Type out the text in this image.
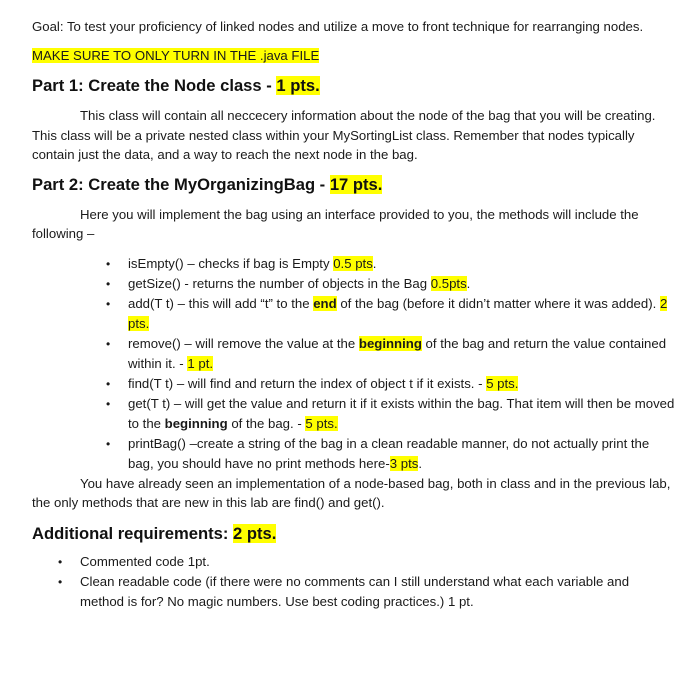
Goal: To test your proficiency of linked nodes and utilize a move to front technique for rearranging nodes.

MAKE SURE TO ONLY TURN IN THE .java FILE

Part 1: Create the Node class - 1 pts.

This class will contain all neccecery information about the node of the bag that you will be creating. This class will be a private nested class within your MySortingList class. Remember that nodes typically contain just the data, and a way to reach the next node in the bag.

Part 2: Create the MyOrganizingBag - 17 pts.

Here you will implement the bag using an interface provided to you, the methods will include the following –

• isEmpty() – checks if bag is Empty 0.5 pts.
• getSize() - returns the number of objects in the Bag 0.5pts.
• add(T t) – this will add “t” to the end of the bag (before it didn’t matter where it was added). 2 pts.
• remove() – will remove the value at the beginning of the bag and return the value contained within it. - 1 pt.
• find(T t) – will find and return the index of object t if it exists. - 5 pts.
• get(T t) – will get the value and return it if it exists within the bag. That item will then be moved to the beginning of the bag. - 5 pts.
• printBag() –create a string of the bag in a clean readable manner, do not actually print the bag, you should have no print methods here-3 pts.

You have already seen an implementation of a node-based bag, both in class and in the previous lab, the only methods that are new in this lab are find() and get().

Additional requirements: 2 pts.
• Commented code 1pt.
• Clean readable code (if there were no comments can I still understand what each variable and method is for? No magic numbers. Use best coding practices.) 1 pt.
